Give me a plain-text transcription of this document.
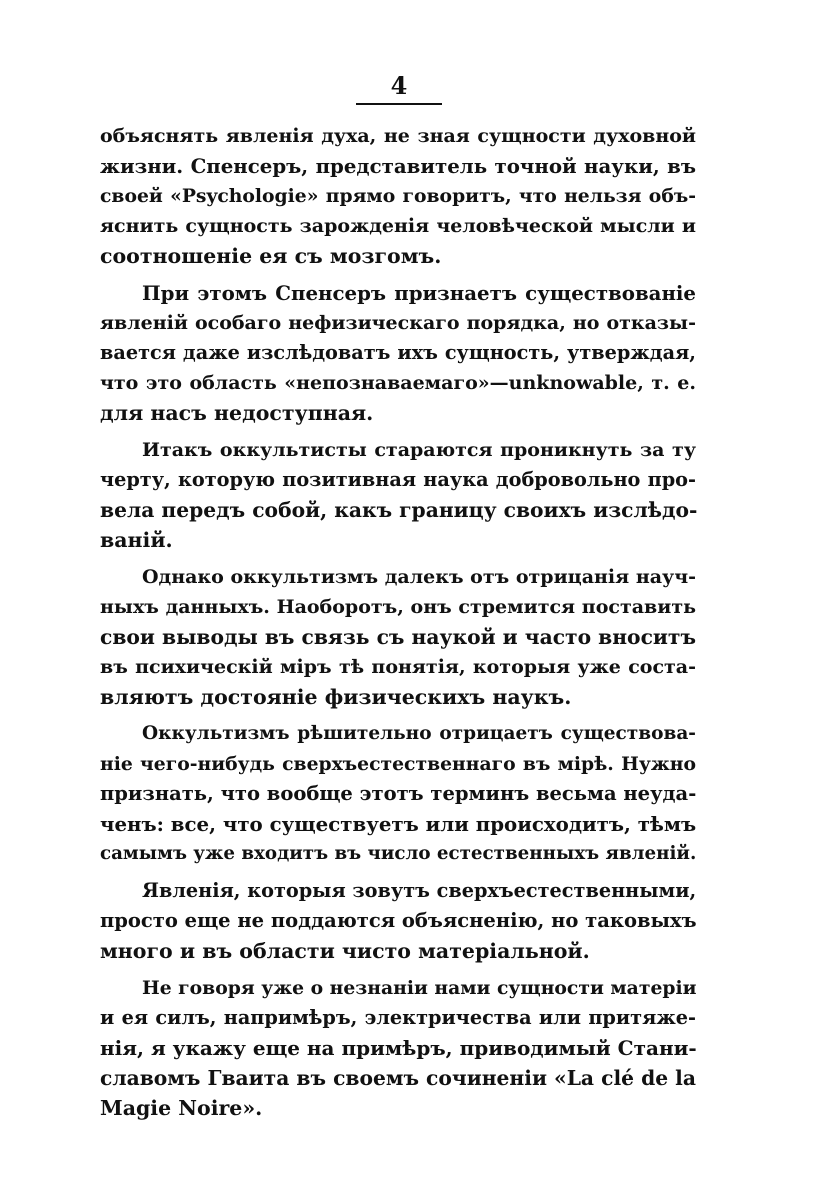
4
объяснять явленія духа, не зная сущности духовной
жизни. Спенсеръ, представитель точной науки, въ
своей «Psychologie» прямо говоритъ, что нельзя объ-
яснить сущность зарожденія человѣческой мысли и
соотношеніе ея съ мозгомъ.
При этомъ Спенсеръ признаетъ существованіе
явленій особаго нефизическаго порядка, но отказы-
вается даже изслѣдоватъ ихъ сущность, утверждая,
что это область «непознаваемаго»—unknowable, т. е.
для насъ недоступная.
Итакъ оккультисты стараются проникнуть за ту
черту, которую позитивная наука добровольно про-
вела передъ собой, какъ границу своихъ изслѣдо-
ваній.
Однако оккультизмъ далекъ отъ отрицанія науч-
ныхъ данныхъ. Наоборотъ, онъ стремится поставить
свои выводы въ связь съ наукой и часто вноситъ
въ психическій міръ тѣ понятія, которыя уже соста-
вляютъ достояніе физическихъ наукъ.
Оккультизмъ рѣшительно отрицаетъ существова-
ніе чего-нибудь сверхъестественнаго въ мірѣ. Нужно
признать, что вообще этотъ терминъ весьма неуда-
ченъ: все, что существуетъ или происходитъ, тѣмъ
самымъ уже входитъ въ число естественныхъ явленій.
Явленія, которыя зовутъ сверхъестественными,
просто еще не поддаются объясненію, но таковыхъ
много и въ области чисто матеріальной.
Не говоря уже о незнаніи нами сущности матеріи
и ея силъ, напримѣръ, электричества или притяже-
нія, я укажу еще на примѣръ, приводимый Стани-
славомъ Гваита въ своемъ сочиненіи «La clé de la
Magie Noire».
